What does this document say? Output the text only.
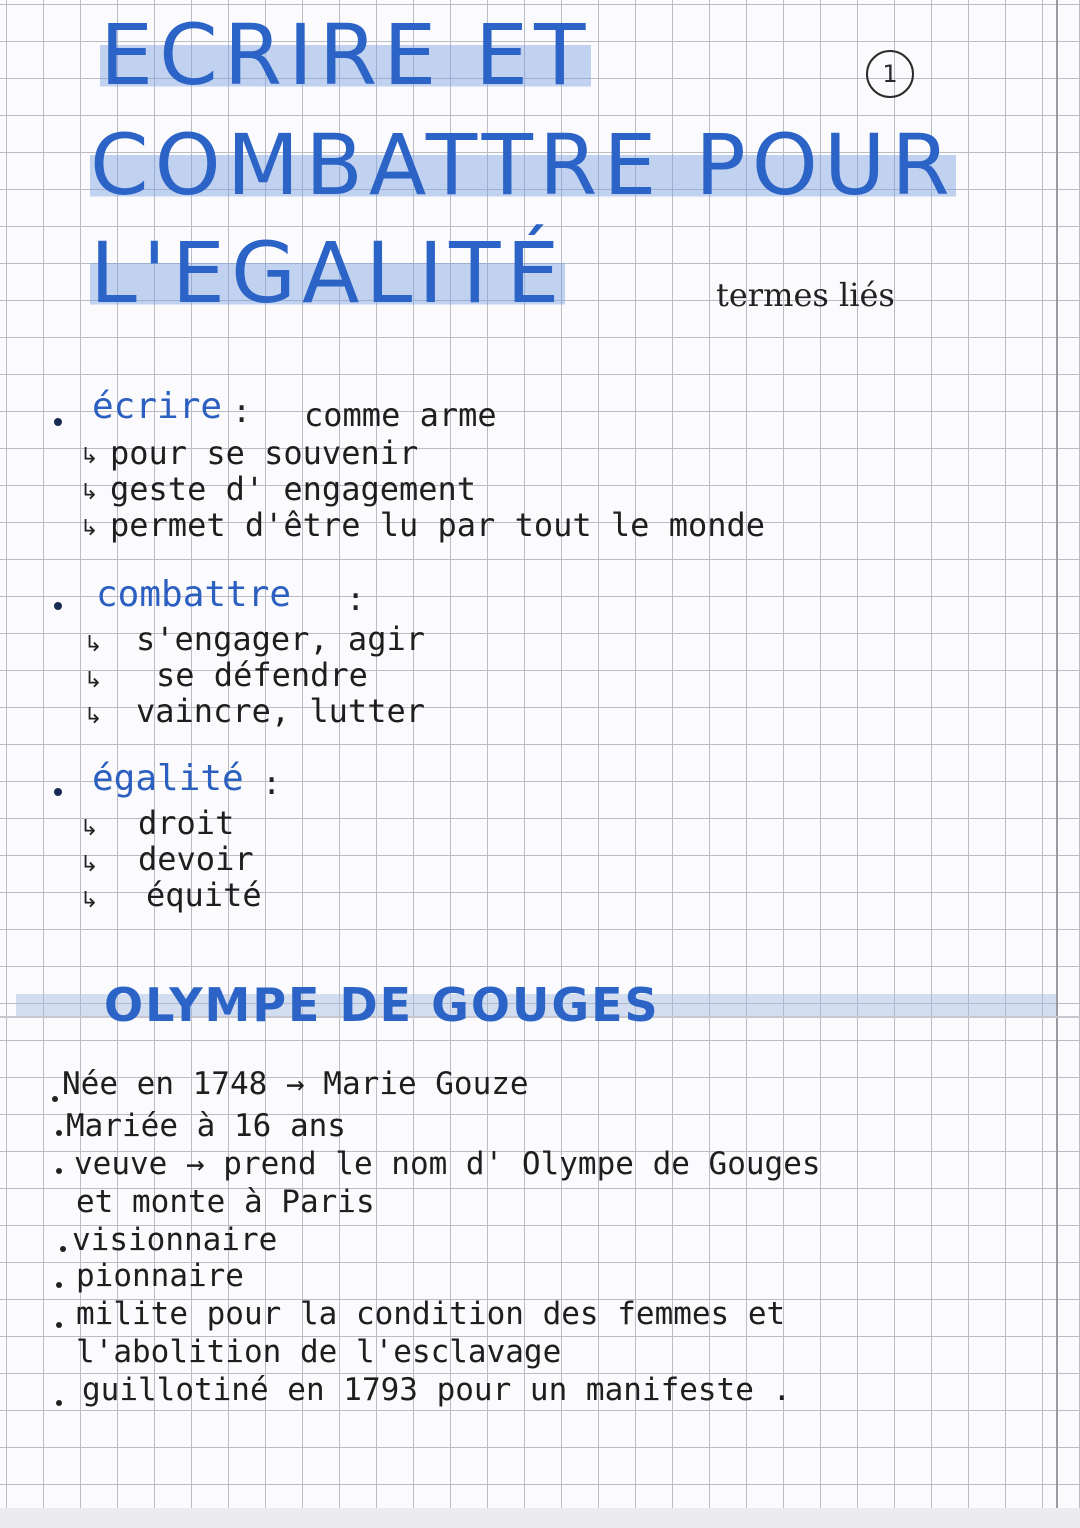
ECRIRE ET
COMBATTRE POUR
L'EGALITÉ
1
termes liés
écrire : comme arme
↳ pour se souvenir
↳ geste d' engagement
↳ permet d'être lu par tout le monde
combattre :
↳ s'engager, agir
↳ se défendre
↳ vaincre, lutter
égalité :
↳ droit
↳ devoir
↳ équité
OLYMPE DE GOUGES
Née en 1748 → Marie Gouze
Mariée à 16 ans
veuve → prend le nom d' Olympe de Gouges
et monte à Paris
visionnaire
pionnaire
milite pour la condition des femmes et
l'abolition de l'esclavage
guillotiné en 1793 pour un manifeste .
